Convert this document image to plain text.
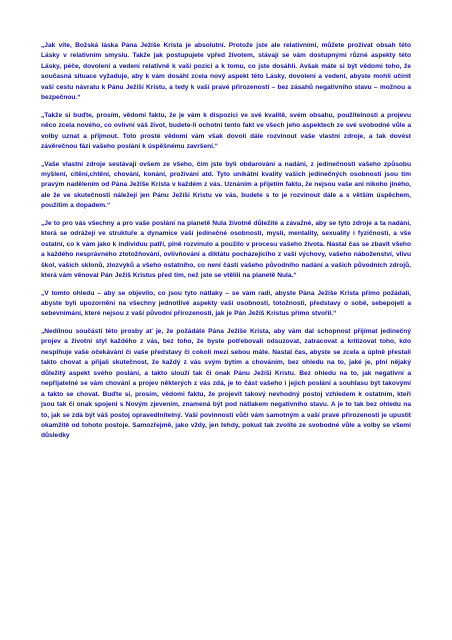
„Jak víte, Božská láska Pána Ježíše Krista je absolutní. Protože jste ale relativními, můžete prožívat obsah této Lásky v relativním smyslu. Takže jak postupujete vpřed životem, stávají se vám dostupnými různé aspekty této Lásky, péče, dovolení a vedení relativně k vaší pozici a k tomu, co jste dosáhli. Avšak máte si být vědomi toho, že současná situace vyžaduje, aby k vám dosáhl zcela nový aspekt této Lásky, dovolení a vedení, abyste mohli učinit vaši cestu návratu k Pánu Ježíši Kristu, a tedy k vaší pravé přirozenosti – bez zásahů negativního stavu – možnou a bezpečnou.“

„Takže si buďte, prosím, vědomi faktu, že je vám k dispozici ve své kvalitě, svém obsahu, použitelnosti a projevu něco zcela nového, co ovlivní váš život, budete-li ochotni tento fakt ve všech jeho aspektech ze své svobodné vůle a volby uznat a přijmout. Toto prosté vědomí vám však dovolí dále rozvinout vaše vlastní zdroje, a tak dovést závěrečnou fázi vašeho poslání k úspěšnému završení.“

„Vaše vlastní zdroje sestávají ovšem ze všeho, čím jste byli obdarováni a nadáni, z jedinečnosti vašeho způsobu myšlení, cítění,chtění, chování, konání, prožívání atd. Tyto unikátní kvality vašich jedinečných osobností jsou tím pravým nadělením od Pána Ježíše Krista v každém z vás. Uznáním a přijetím faktu, že nejsou vaše ani nikoho jiného, ale že ve skutečnosti náležejí jen Pánu Ježíši Kristu ve vás, budete s to je rozvinout dále a s větším úspěchem, použitím a dopadem.“

„Je to pro vás všechny a pro vaše poslání na planetě Nula životně důležité a závažné, aby se tyto zdroje a ta nadání, která se odrážejí ve struktuře a dynamice vaší jedinečné osobnosti, mysli, mentality, sexuality i fyzičnosti, a vše ostatní, co k vám jako k individuu patří, plně rozvinulo a použilo v procesu vašeho života. Nastal čas se zbavit všeho a každého nesprávného ztotožňování, ovlivňování a diktátu pocházejícího z vaší výchovy, vašeho náboženství, vlivu škol, vašich sklonů, zlozvyků a všeho ostatního, co není částí vašeho původního nadání a vašich původních zdrojů, která vám věnoval Pán Ježíš Kristus před tím, než jste se vtělili na planetě Nula.“

„V tomto ohledu – aby se objevilo, co jsou tyto nátlaky – se vám radí, abyste Pána Ježíše Krista přímo požádali, abyste byli upozorněni na všechny jednotlivé aspekty vaší osobnosti, totožnosti, představy o sobě, sebepojetí a sebevnímání, které nejsou z vaší původní přirozenosti, jak je Pán Ježíš Kristus přímo stvořil.“

„Nedílnou součástí této prosby ať je, že požádáte Pána Ježíše Krista, aby vám dal schopnost přijímat jedinečný projev a životní styl každého z vás, bez toho, že byste potřebovali odsuzovat, zatracovat a kritizovat toho, kdo nesplňuje vaše očekávání či vaše představy či cokoli mezi sebou máte. Nastal čas, abyste se zcela a úplně přestali takto chovat a přijali skutečnost, že každý z vás svým bytím a chováním, bez ohledu na to, jaké je, plní nějaký důležitý aspekt svého poslání, a takto slouží tak či onak Pánu Ježíši Kristu. Bez ohledu na to, jak negativní a nepřijatelné se vám chování a projev některých z vás zdá, je to část vašeho i jejich poslání a souhlasu být takovými a takto se chovat. Buďte si, prosím, vědomi faktu, že projevit takový nevhodný postoj vzhledem k ostatním, kteří jsou tak či onak spojeni s Novým zjevením, znamená být pod nátlakem negativního stavu. A je to tak bez ohledu na to, jak se zdá být váš postoj opravedlnitelný. Vaši povinností vůči vám samotným a vaší pravé přirozenosti je upustit okamžitě od tohoto postoje. Samozřejmě, jako vždy, jen tehdy, pokud tak zvolíte ze svobodné vůle a volby se všemi důsledky
